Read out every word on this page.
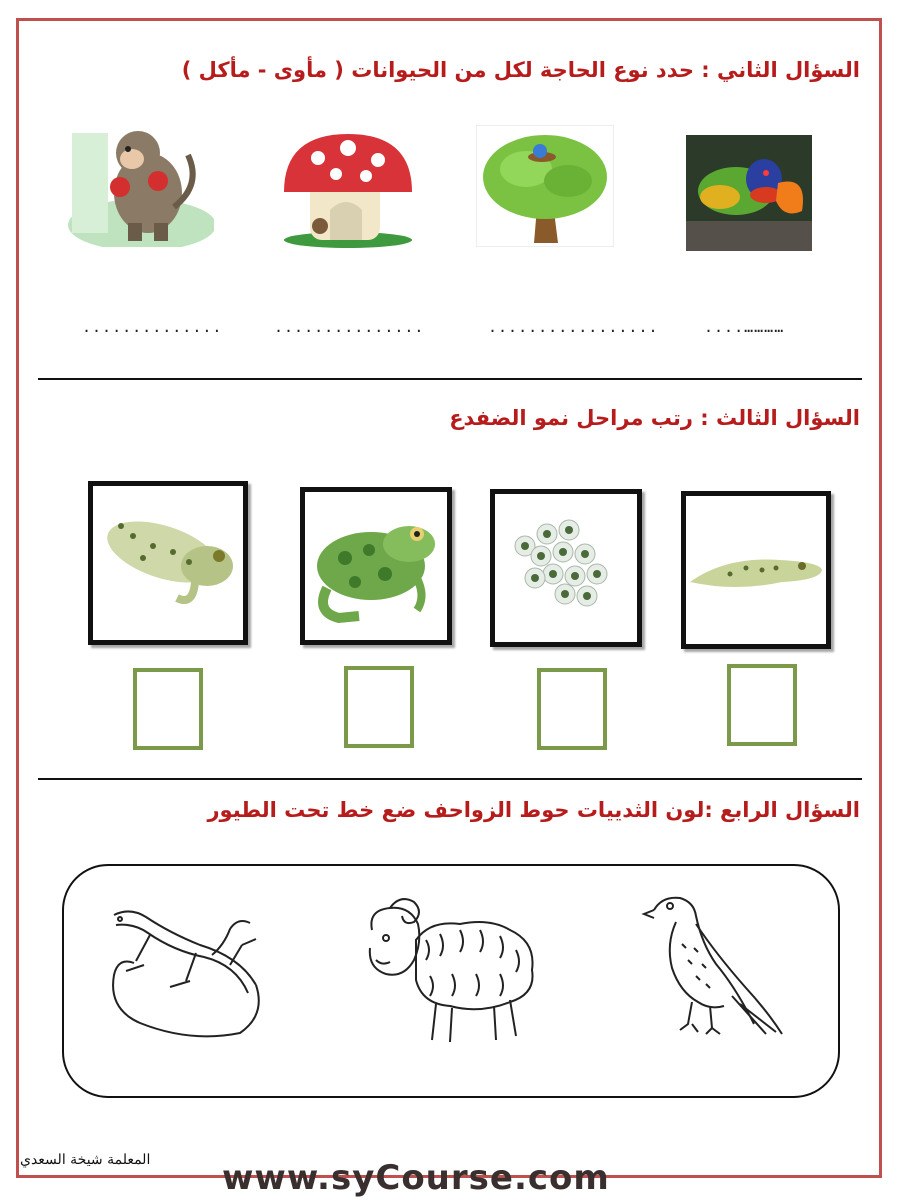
السؤال الثاني : حدد نوع الحاجة لكل من الحيوانات ( مأوى - مأكل )
..............	...............	.................	....…………
السؤال الثالث : رتب مراحل نمو الضفدع
السؤال الرابع :لون الثدييات حوط الزواحف ضع خط تحت الطيور
المعلمة شيخة السعدي www.syCourse.com
